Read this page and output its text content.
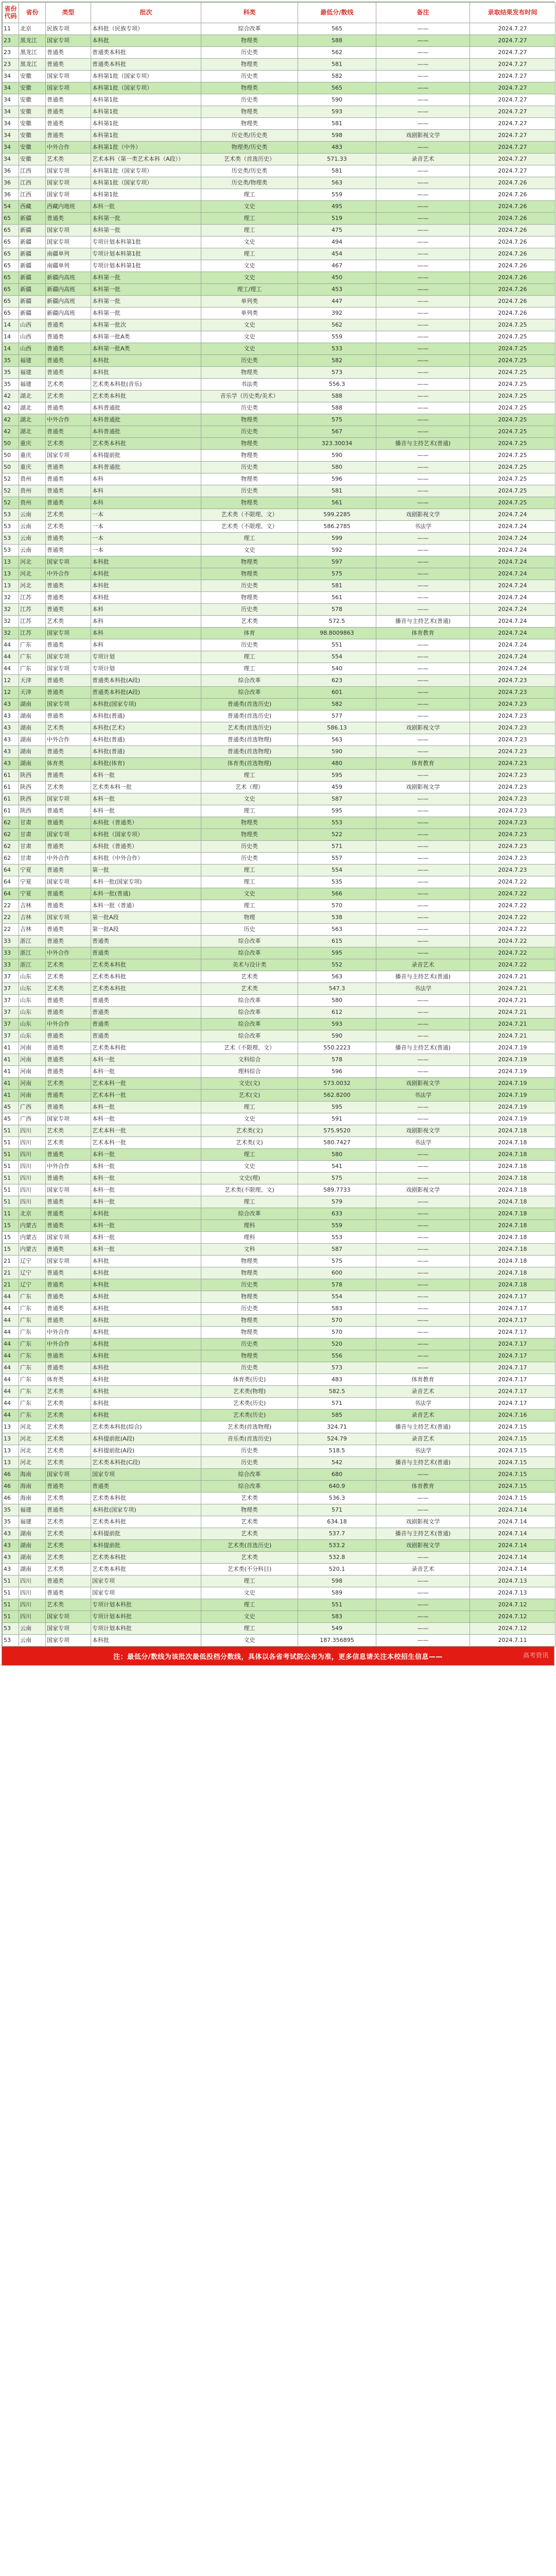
省份代码	省份	类型	批次	科类	最低分/数线	备注	录取结果发布时间
11	北京	民族专项	本科批（民族专项）	综合改革	565	——	2024.7.27
23	黑龙江	国家专项	本科批	物理类	588	——	2024.7.27
23	黑龙江	普通类	普通类本科批	历史类	562	——	2024.7.27
23	黑龙江	普通类	普通类本科批	物理类	581	——	2024.7.27
34	安徽	国家专项	本科第1批（国家专项）	历史类	582	——	2024.7.27
34	安徽	国家专项	本科第1批（国家专项）	物理类	565	——	2024.7.27
34	安徽	普通类	本科第1批	历史类	590	——	2024.7.27
34	安徽	普通类	本科第1批	物理类	593	——	2024.7.27
34	安徽	普通类	本科第1批	物理类	581	——	2024.7.27
34	安徽	普通类	本科第1批	历史类/历史类	598	戏剧影视文学	2024.7.27
34	安徽	中外合作	本科第1批（中外）	物理类/历史类	483	——	2024.7.27
34	安徽	艺术类	艺术本科（第一类艺术本科（A段））	艺术类（首选历史）	571.33	录音艺术	2024.7.27
36	江西	国家专项	本科第1批（国家专项）	历史类/历史类	581	——	2024.7.27
36	江西	国家专项	本科第1批（国家专项）	历史类/物理类	563	——	2024.7.26
36	江西	国家专项	本科第1批	理工	559	——	2024.7.26
54	西藏	西藏内地班	本科一批	文史	495	——	2024.7.26
65	新疆	普通类	本科第一批	理工	519	——	2024.7.26
65	新疆	国家专项	本科第一批	理工	475	——	2024.7.26
65	新疆	国家专项	专项计划本科第1批	文史	494	——	2024.7.26
65	新疆	南疆单列	专项计划本科第1批	理工	454	——	2024.7.26
65	新疆	南疆单列	专项计划本科第1批	文史	467	——	2024.7.26
65	新疆	新疆内高班	本科第一批	文史	450	——	2024.7.26
65	新疆	新疆内高班	本科第一批	理工/理工	453	——	2024.7.26
65	新疆	新疆内高班	本科第一批	单列类	447	——	2024.7.26
65	新疆	新疆内高班	本科第一批	单列类	392	——	2024.7.26
14	山西	普通类	本科第一批次	文史	562	——	2024.7.25
14	山西	普通类	本科第一批A类	文史	559	——	2024.7.25
14	山西	普通类	本科第一批A类	文史	533	——	2024.7.25
35	福建	普通类	本科批	历史类	582	——	2024.7.25
35	福建	普通类	本科批	物理类	573	——	2024.7.25
35	福建	艺术类	艺术类本科批(音乐)	书法类	556.3	——	2024.7.25
42	湖北	艺术类	艺术类本科批	音乐学（历史类/美术）	588	——	2024.7.25
42	湖北	普通类	本科普通批	历史类	588	——	2024.7.25
42	湖北	中外合作	本科普通批	物理类	575	——	2024.7.25
42	湖北	普通类	本科普通批	历史类	567	——	2024.7.25
50	重庆	艺术类	艺术类本科批	物理类	323.30034	播音与主持艺术(普通)	2024.7.25
50	重庆	国家专项	本科提前批	物理类	590	——	2024.7.25
50	重庆	普通类	本科普通批	历史类	580	——	2024.7.25
52	贵州	普通类	本科	物理类	596	——	2024.7.25
52	贵州	普通类	本科	历史类	581	——	2024.7.25
52	贵州	普通类	本科	物理类	561	——	2024.7.25
53	云南	艺术类	一本	艺术类（不限理、文）	599.2285	戏剧影视文学	2024.7.24
53	云南	艺术类	一本	艺术类（不限理、文）	586.2785	书法学	2024.7.24
53	云南	普通类	一本	理工	599	——	2024.7.24
53	云南	普通类	一本	文史	592	——	2024.7.24
13	河北	国家专项	本科批	物理类	597	——	2024.7.24
13	河北	中外合作	本科批	物理类	575	——	2024.7.24
13	河北	普通类	本科批	历史类	581	——	2024.7.24
32	江苏	普通类	本科批	物理类	561	——	2024.7.24
32	江苏	普通类	本科	历史类	578	——	2024.7.24
32	江苏	艺术类	本科	艺术类	572.5	播音与主持艺术(普通)	2024.7.24
32	江苏	国家专项	本科	体育	98.8009863	体育教育	2024.7.24
44	广东	普通类	本科	历史类	551	——	2024.7.24
44	广东	国家专项	专项计划	理工	554	——	2024.7.24
44	广东	国家专项	专项计划	理工	540	——	2024.7.24
12	天津	普通类	普通类本科批(A段)	综合改革	623	——	2024.7.23
12	天津	普通类	普通类本科批(A段)	综合改革	601	——	2024.7.23
43	湖南	国家专项	本科批(国家专项)	普通类(首选历史)	582	——	2024.7.23
43	湖南	普通类	本科批(普通)	普通类(首选历史)	577	——	2024.7.23
43	湖南	艺术类	本科批(艺术)	艺术类(首选历史)	586.13	戏剧影视文学	2024.7.23
43	湖南	中外合作	本科批(普通)	普通类(首选物理)	563	——	2024.7.23
43	湖南	普通类	本科批(普通)	普通类(首选物理)	590	——	2024.7.23
43	湖南	体育类	本科批(体育)	体育类(首选物理)	480	体育教育	2024.7.23
61	陕西	普通类	本科一批	理工	595	——	2024.7.23
61	陕西	艺术类	艺术类本科一批	艺术（理）	459	戏剧影视文学	2024.7.23
61	陕西	国家专项	本科一批	文史	587	——	2024.7.23
61	陕西	普通类	本科一批	理工	595	——	2024.7.23
62	甘肃	普通类	本科批（普通类）	物理类	553	——	2024.7.23
62	甘肃	国家专项	本科批（国家专项）	物理类	522	——	2024.7.23
62	甘肃	普通类	本科批（普通类）	历史类	571	——	2024.7.23
62	甘肃	中外合作	本科批（中外合作）	历史类	557	——	2024.7.23
64	宁夏	普通类	第一批	理工	554	——	2024.7.23
64	宁夏	国家专项	本科一批(国家专项)	理工	535	——	2024.7.22
64	宁夏	普通类	本科一批(普通)	文史	566	——	2024.7.22
22	吉林	普通类	本科一批（普通）	理工	570	——	2024.7.22
22	吉林	国家专项	第一批A段	物理	538	——	2024.7.22
22	吉林	普通类	第一批A段	历史	563	——	2024.7.22
33	浙江	普通类	普通类	综合改革	615	——	2024.7.22
33	浙江	中外合作	普通类	综合改革	595	——	2024.7.22
33	浙江	艺术类	艺术类本科批	美术与设计类	552	录音艺术	2024.7.22
37	山东	艺术类	艺术类本科批	艺术类	563	播音与主持艺术(普通)	2024.7.21
37	山东	艺术类	艺术类本科批	艺术类	547.3	书法学	2024.7.21
37	山东	普通类	普通类	综合改革	580	——	2024.7.21
37	山东	普通类	普通类	综合改革	612	——	2024.7.21
37	山东	中外合作	普通类	综合改革	593	——	2024.7.21
37	山东	普通类	普通类	综合改革	590	——	2024.7.21
41	河南	普通类	艺术类本科批	艺术（不限理、文）	550.2223	播音与主持艺术(普通)	2024.7.19
41	河南	普通类	本科一批	文科综合	578	——	2024.7.19
41	河南	普通类	本科一批	理科综合	596	——	2024.7.19
41	河南	艺术类	艺术本科一批	文史(文)	573.0032	戏剧影视文学	2024.7.19
41	河南	普通类	艺术本科一批	艺术(文)	562.8200	书法学	2024.7.19
45	广西	普通类	本科一批	理工	595	——	2024.7.19
45	广西	国家专项	本科一批	文史	591	——	2024.7.19
51	四川	艺术类	艺术本科一批	艺术类(文)	575.9520	戏剧影视文学	2024.7.18
51	四川	艺术类	艺术本科一批	艺术类(文)	580.7427	书法学	2024.7.18
51	四川	普通类	本科一批	理工	580	——	2024.7.18
51	四川	中外合作	本科一批	文史	541	——	2024.7.18
51	四川	普通类	本科一批	文史(理)	575	——	2024.7.18
51	四川	国家专项	本科一批	艺术类(不限理、文)	589.7733	戏剧影视文学	2024.7.18
51	四川	普通类	本科一批	理工	579	——	2024.7.18
11	北京	普通类	本科批	综合改革	633	——	2024.7.18
15	内蒙古	普通类	本科一批	理科	559	——	2024.7.18
15	内蒙古	国家专项	本科一批	理科	553	——	2024.7.18
15	内蒙古	普通类	本科一批	文科	587	——	2024.7.18
21	辽宁	国家专项	本科批	物理类	575	——	2024.7.18
21	辽宁	普通类	本科批	物理类	600	——	2024.7.18
21	辽宁	普通类	本科批	历史类	578	——	2024.7.18
44	广东	普通类	本科批	物理类	554	——	2024.7.17
44	广东	普通类	本科批	历史类	583	——	2024.7.17
44	广东	普通类	本科批	物理类	570	——	2024.7.17
44	广东	中外合作	本科批	物理类	570	——	2024.7.17
44	广东	中外合作	本科批	历史类	520	——	2024.7.17
44	广东	普通类	本科批	物理类	556	——	2024.7.17
44	广东	普通类	本科批	历史类	573	——	2024.7.17
44	广东	体育类	本科批	体育类(历史)	483	体育教育	2024.7.17
44	广东	艺术类	本科批	艺术类(物理)	582.5	录音艺术	2024.7.17
44	广东	艺术类	本科批	艺术类(历史)	571	书法学	2024.7.17
44	广东	艺术类	本科批	艺术类(历史)	585	录音艺术	2024.7.16
13	河北	艺术类	艺术类本科批(综合)	艺术类(首选物理)	324.71	播音与主持艺术(普通)	2024.7.15
13	河北	艺术类	本科提前批(A段)	音乐类(首选历史)	524.79	录音艺术	2024.7.15
13	河北	艺术类	本科提前批(A段)	历史类	518.5	书法学	2024.7.15
13	河北	艺术类	艺术类本科批(C段)	历史类	542	播音与主持艺术(普通)	2024.7.15
46	海南	国家专项	国家专项	综合改革	680	——	2024.7.15
46	海南	普通类	普通类	综合改革	640.9	体育教育	2024.7.15
46	海南	艺术类	艺术类本科批	艺术类	536.3	——	2024.7.15
35	福建	普通类	本科批(国家专项)	物理类	571	——	2024.7.14
35	福建	艺术类	艺术类本科批	艺术类	634.18	戏剧影视文学	2024.7.14
43	湖南	艺术类	本科提前批	艺术类	537.7	播音与主持艺术(普通)	2024.7.14
43	湖南	艺术类	本科提前批	艺术类(首选历史)	533.2	戏剧影视文学	2024.7.14
43	湖南	艺术类	艺术类本科批	艺术类	532.8	——	2024.7.14
43	湖南	艺术类	艺术类本科批	艺术类(不分科目)	520.1	录音艺术	2024.7.14
51	四川	普通类	国家专项	理工	598	——	2024.7.13
51	四川	普通类	国家专项	文史	589	——	2024.7.13
51	四川	艺术类	专项计划本科批	理工	551	——	2024.7.12
51	四川	国家专项	专项计划本科批	文史	583	——	2024.7.12
53	云南	国家专项	专项计划本科批	理工	549	——	2024.7.12
53	云南	国家专项	本科批	文史	187.356895	——	2024.7.11
注：最低分/数线为该批次最低投档分数线，具体以各省考试院公布为准，更多信息请关注本校招生信息——	高考资讯
